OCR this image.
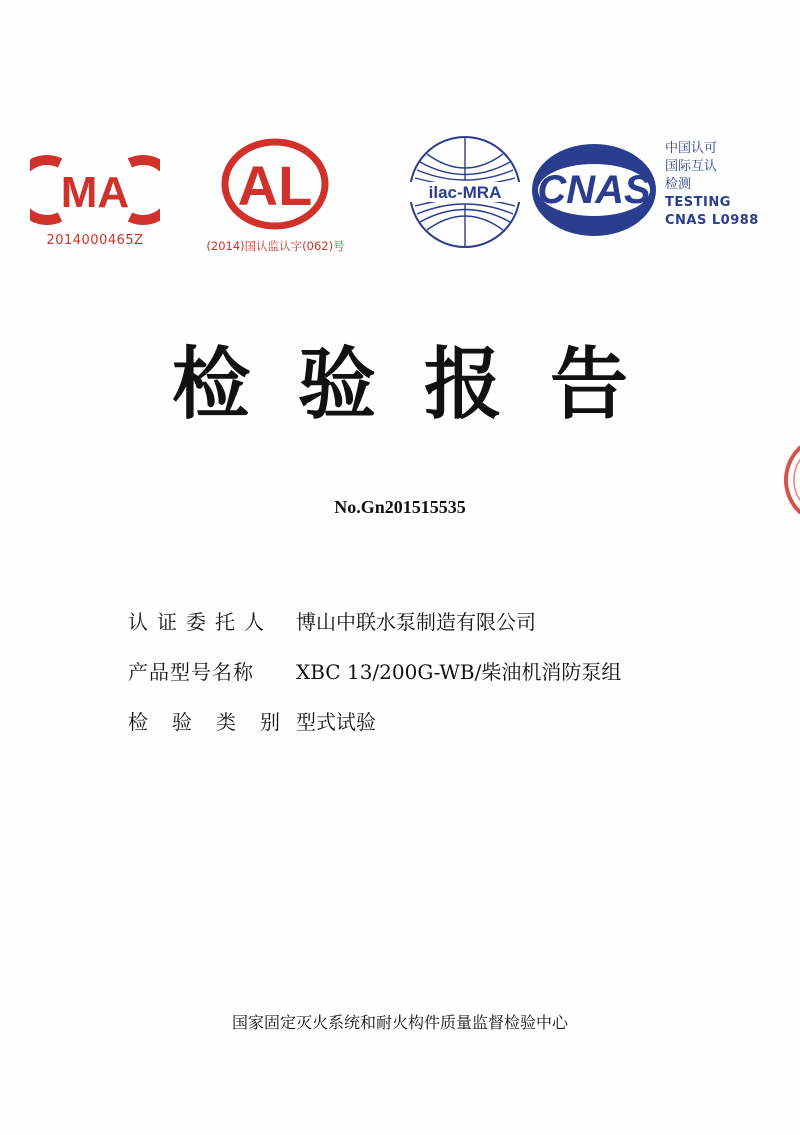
MA
2014000465Z
AL
(2014)国认监认字(062)号
ilac-MRA CNAS
中国认可
国际互认
检测
TESTING
CNAS L0988
检验报告
No.Gn201515535
认证委托人	博山中联水泵制造有限公司
产品型号名称	XBC 13/200G-WB/柴油机消防泵组
检验类别
型式试验
国家固定灭火系统和耐火构件质量监督检验中心
